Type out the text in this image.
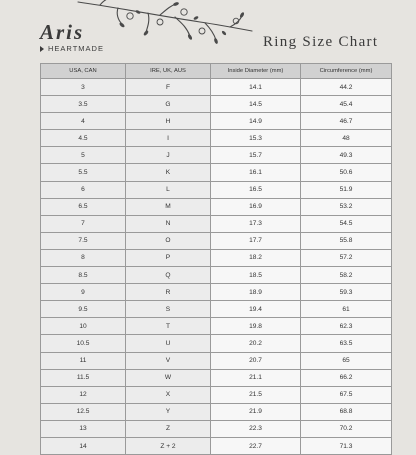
Aris
HEARTMADE	Ring Size Chart
USA, CAN	IRE, UK, AUS	Inside Diameter (mm)	Circumference (mm)
3	F	14.1	44.2
3.5	G	14.5	45.4
4	H	14.9	46.7
4.5	I	15.3	48
5	J	15.7	49.3
5.5	K	16.1	50.6
6	L	16.5	51.9
6.5	M	16.9	53.2
7	N	17.3	54.5
7.5	O	17.7	55.8
8	P	18.2	57.2
8.5	Q	18.5	58.2
9	R	18.9	59.3
9.5	S	19.4	61
10	T	19.8	62.3
10.5	U	20.2	63.5
11	V	20.7	65
11.5	W	21.1	66.2
12	X	21.5	67.5
12.5	Y	21.9	68.8
13	Z	22.3	70.2
14	Z + 2	22.7	71.3
